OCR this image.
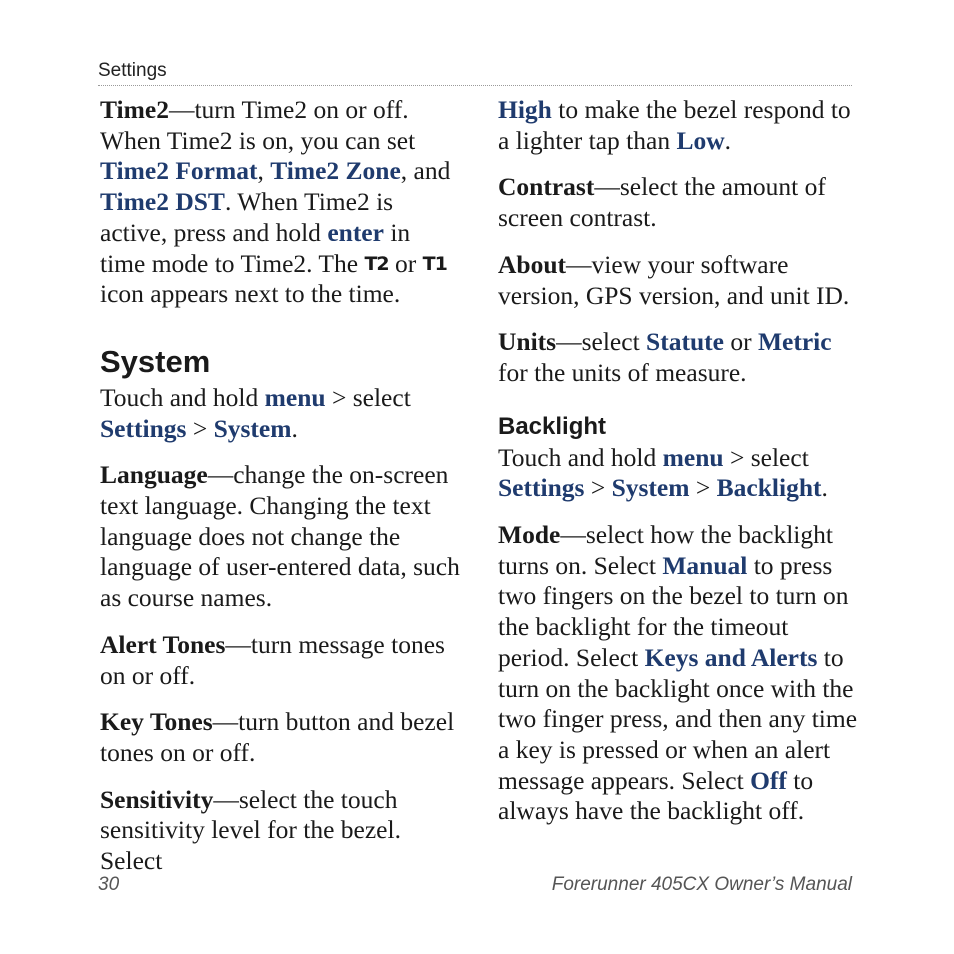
Settings

Time2—turn Time2 on or off. When Time2 is on, you can set Time2 Format, Time2 Zone, and Time2 DST. When Time2 is active, press and hold enter in time mode to Time2. The T2 or T1 icon appears next to the time.

System

Touch and hold menu > select Settings > System.

Language—change the on-screen text language. Changing the text language does not change the language of user-entered data, such as course names.

Alert Tones—turn message tones on or off.

Key Tones—turn button and bezel tones on or off.

Sensitivity—select the touch sensitivity level for the bezel. Select

High to make the bezel respond to a lighter tap than Low.

Contrast—select the amount of screen contrast.

About—view your software version, GPS version, and unit ID.

Units—select Statute or Metric for the units of measure.

Backlight

Touch and hold menu > select Settings > System > Backlight.

Mode—select how the backlight turns on. Select Manual to press two fingers on the bezel to turn on the backlight for the timeout period. Select Keys and Alerts to turn on the backlight once with the two finger press, and then any time a key is pressed or when an alert message appears. Select Off to always have the backlight off.

30	Forerunner 405CX Owner’s Manual
